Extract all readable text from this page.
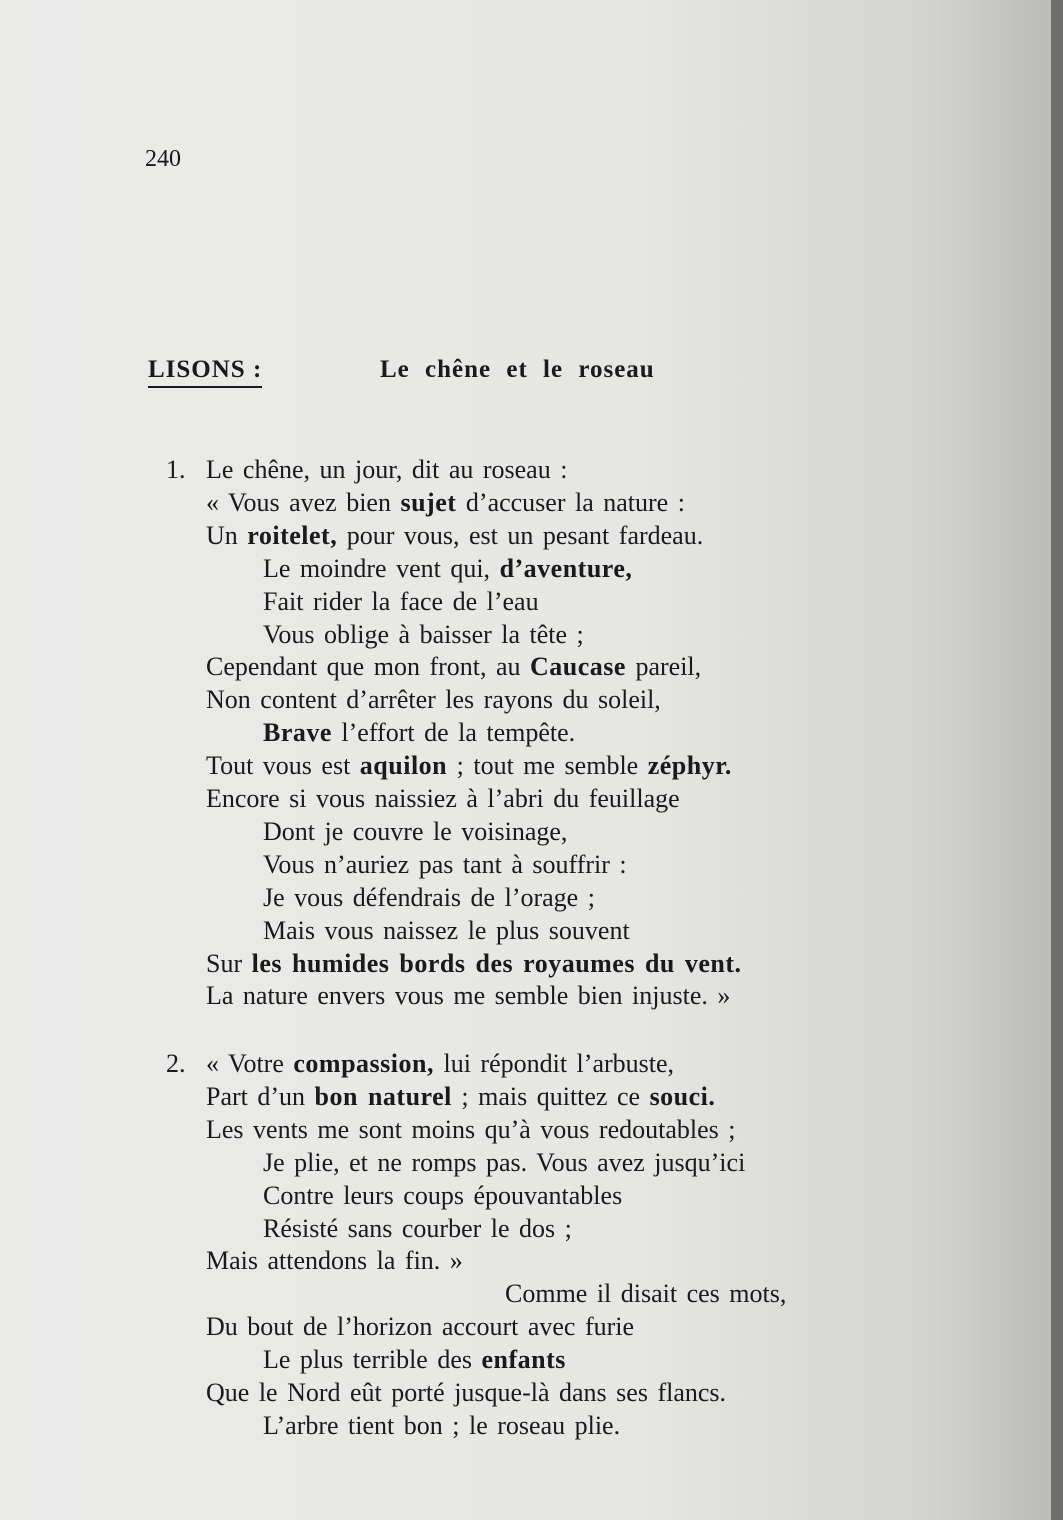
240
LISONS :	Le chêne et le roseau
1. Le chêne, un jour, dit au roseau :
« Vous avez bien sujet d’accuser la nature :
Un roitelet, pour vous, est un pesant fardeau.
Le moindre vent qui, d’aventure,
Fait rider la face de l’eau
Vous oblige à baisser la tête ;
Cependant que mon front, au Caucase pareil,
Non content d’arrêter les rayons du soleil,
Brave l’effort de la tempête.
Tout vous est aquilon ; tout me semble zéphyr.
Encore si vous naissiez à l’abri du feuillage
Dont je couvre le voisinage,
Vous n’auriez pas tant à souffrir :
Je vous défendrais de l’orage ;
Mais vous naissez le plus souvent
Sur les humides bords des royaumes du vent.
La nature envers vous me semble bien injuste. »
2. « Votre compassion, lui répondit l’arbuste,
Part d’un bon naturel ; mais quittez ce souci.
Les vents me sont moins qu’à vous redoutables ;
Je plie, et ne romps pas. Vous avez jusqu’ici
Contre leurs coups épouvantables
Résisté sans courber le dos ;
Mais attendons la fin. »
Comme il disait ces mots,
Du bout de l’horizon accourt avec furie
Le plus terrible des enfants
Que le Nord eût porté jusque-là dans ses flancs.
L’arbre tient bon ; le roseau plie.
